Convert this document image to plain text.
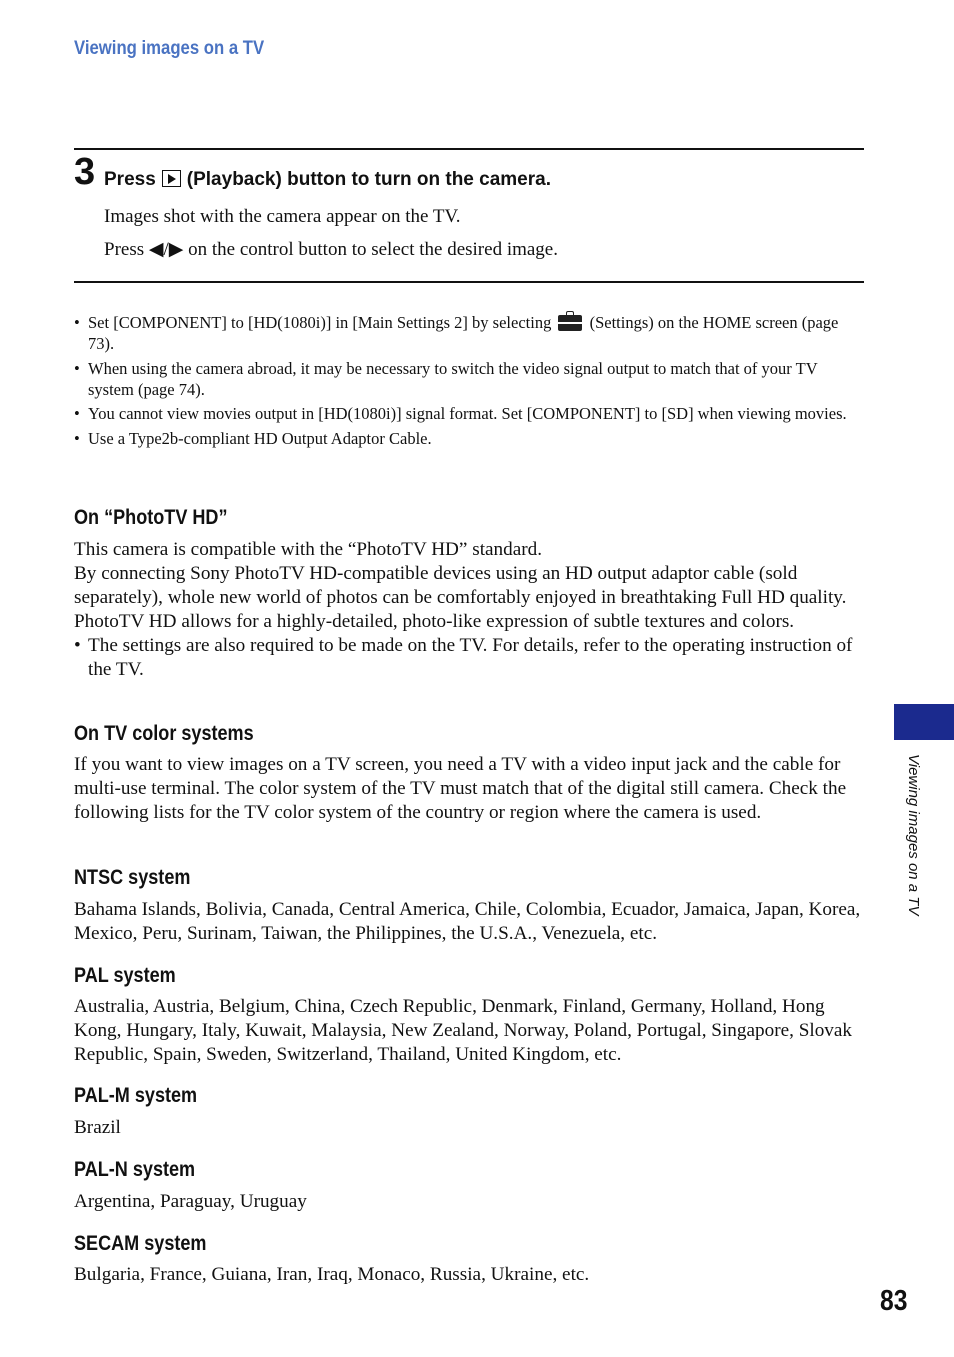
Viewing images on a TV
3 Press (Playback) button to turn on the camera.
Images shot with the camera appear on the TV.
Press ◀/▶ on the control button to select the desired image.
• Set [COMPONENT] to [HD(1080i)] in [Main Settings 2] by selecting (Settings) on the HOME screen (page 73).
• When using the camera abroad, it may be necessary to switch the video signal output to match that of your TV system (page 74).
• You cannot view movies output in [HD(1080i)] signal format. Set [COMPONENT] to [SD] when viewing movies.
• Use a Type2b-compliant HD Output Adaptor Cable.
On “PhotoTV HD”

This camera is compatible with the “PhotoTV HD” standard.

By connecting Sony PhotoTV HD-compatible devices using an HD output adaptor cable (sold separately), whole new world of photos can be comfortably enjoyed in breathtaking Full HD quality.

PhotoTV HD allows for a highly-detailed, photo-like expression of subtle textures and colors.

• The settings are also required to be made on the TV. For details, refer to the operating instruction of the TV.

On TV color systems
If you want to view images on a TV screen, you need a TV with a video input jack and the cable for multi-use terminal. The color system of the TV must match that of the digital still camera. Check the following lists for the TV color system of the country or region where the camera is used.
NTSC system
Bahama Islands, Bolivia, Canada, Central America, Chile, Colombia, Ecuador, Jamaica, Japan, Korea, Mexico, Peru, Surinam, Taiwan, the Philippines, the U.S.A., Venezuela, etc.
PAL system
Australia, Austria, Belgium, China, Czech Republic, Denmark, Finland, Germany, Holland, Hong Kong, Hungary, Italy, Kuwait, Malaysia, New Zealand, Norway, Poland, Portugal, Singapore, Slovak Republic, Spain, Sweden, Switzerland, Thailand, United Kingdom, etc.
PAL-M system
Brazil
PAL-N system
Argentina, Paraguay, Uruguay
SECAM system
Bulgaria, France, Guiana, Iran, Iraq, Monaco, Russia, Ukraine, etc.
Viewing images on a TV
83
